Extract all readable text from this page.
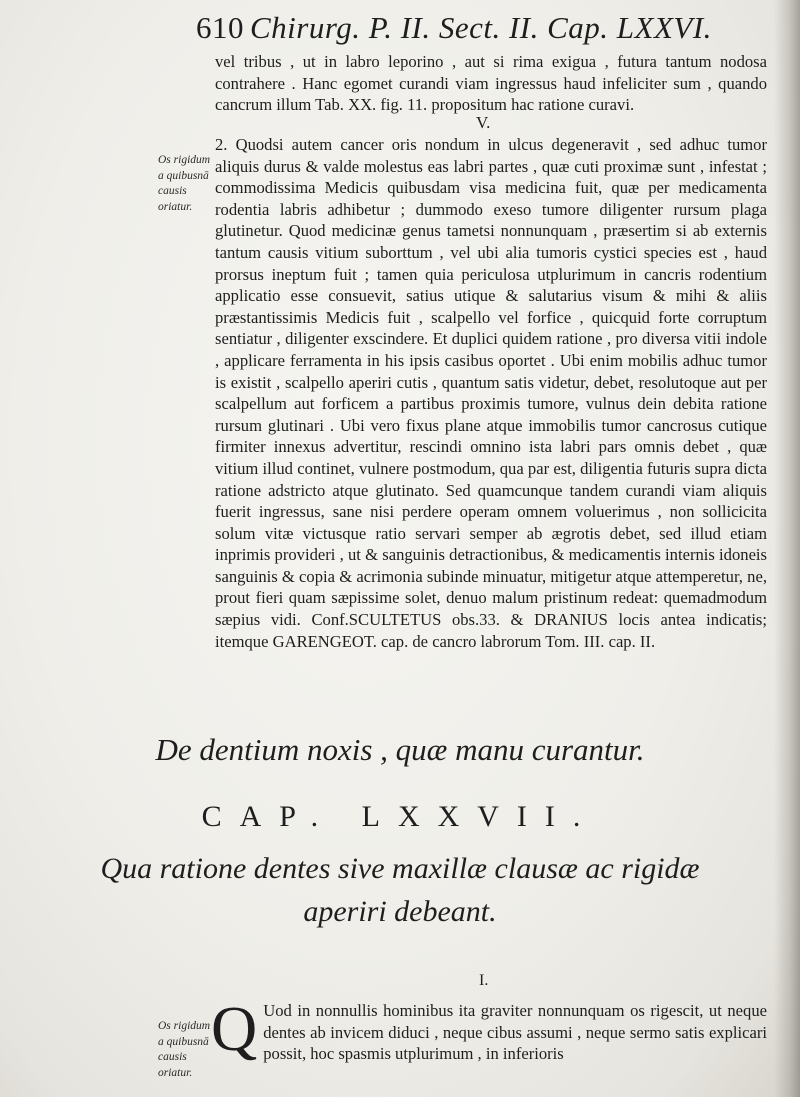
610 Chirurg. P. II. Sect. II. Cap. LXXVI.

vel tribus , ut in labro leporino , aut si rima exigua , futura tantum nodosa contrahere . Hanc egomet curandi viam ingressus haud infeliciter sum , quando cancrum illum Tab. XX. fig. 11. propositum hac ratione curavi.

V.
Os rigidum a quibusnā causis oriatur.

2. Quodsi autem cancer oris nondum in ulcus degeneravit , sed adhuc tumor aliquis durus & valde molestus eas labri partes , quæ cuti proximæ sunt , infestat ; commodissima Medicis quibusdam visa medicina fuit, quæ per medicamenta rodentia labris adhibetur ; dummodo exeso tumore diligenter rursum plaga glutinetur. Quod medicinæ genus tametsi nonnunquam , præsertim si ab externis tantum causis vitium suborttum , vel ubi alia tumoris cystici species est , haud prorsus ineptum fuit ; tamen quia periculosa utplurimum in cancris rodentium applicatio esse consuevit, satius utique & salutarius visum & mihi & aliis præstantissimis Medicis fuit , scalpello vel forfice , quicquid forte corruptum sentiatur , diligenter exscindere. Et duplici quidem ratione , pro diversa vitii indole , applicare ferramenta in his ipsis casibus oportet . Ubi enim mobilis adhuc tumor is existit , scalpello aperiri cutis , quantum satis videtur, debet, resolutoque aut per scalpellum aut forficem a partibus proximis tumore, vulnus dein debita ratione rursum glutinari . Ubi vero fixus plane atque immobilis tumor cancrosus cutique firmiter innexus advertitur, rescindi omnino ista labri pars omnis debet , quæ vitium illud continet, vulnere postmodum, qua par est, diligentia futuris supra dicta ratione adstricto atque glutinato. Sed quamcunque tandem curandi viam aliquis fuerit ingressus, sane nisi perdere operam omnem voluerimus , non sollicicita solum vitæ victusque ratio servari semper ab ægrotis debet, sed illud etiam inprimis provideri , ut & sanguinis detractionibus, & medicamentis internis idoneis sanguinis & copia & acrimonia subinde minuatur, mitigetur atque attemperetur, ne, prout fieri quam sæpissime solet, denuo malum pristinum redeat: quemadmodum sæpius vidi. Conf.SCULTETUS obs.33. & DRANIUS locis antea indicatis; itemque GARENGEOT. cap. de cancro labrorum Tom. III. cap. II.

De dentium noxis , quæ manu curantur.
CAP. LXXVII.
Qua ratione dentes sive maxillæ clausæ ac rigidæ
aperiri debeant.
I.
Os rigidum a quibusnā causis oriatur.
Q Uod in nonnullis hominibus ita graviter nonnunquam os rigescit, ut neque dentes ab invicem diduci , neque cibus assumi , neque sermo satis explicari possit, hoc spasmis utplurimum , in inferioris
